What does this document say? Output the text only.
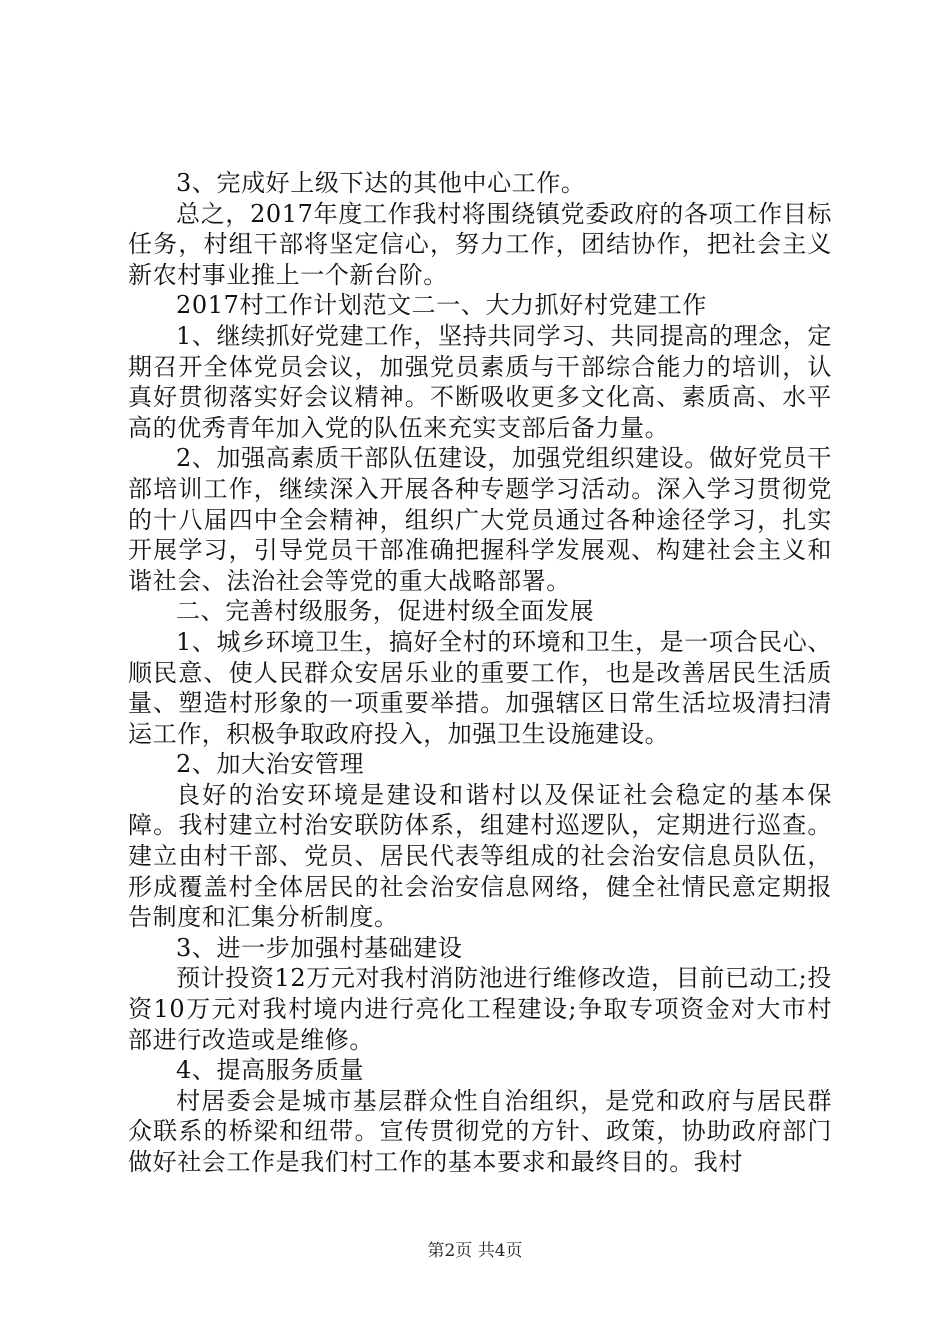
3、完成好上级下达的其他中心工作。

总之，2017年度工作我村将围绕镇党委政府的各项工作目标任务，村组干部将坚定信心，努力工作，团结协作，把社会主义新农村事业推上一个新台阶。

2017村工作计划范文二一、大力抓好村党建工作

1、继续抓好党建工作，坚持共同学习、共同提高的理念，定期召开全体党员会议，加强党员素质与干部综合能力的培训，认真好贯彻落实好会议精神。不断吸收更多文化高、素质高、水平高的优秀青年加入党的队伍来充实支部后备力量。

2、加强高素质干部队伍建设，加强党组织建设。做好党员干部培训工作，继续深入开展各种专题学习活动。深入学习贯彻党的十八届四中全会精神，组织广大党员通过各种途径学习，扎实开展学习，引导党员干部准确把握科学发展观、构建社会主义和谐社会、法治社会等党的重大战略部署。

二、完善村级服务，促进村级全面发展

1、城乡环境卫生，搞好全村的环境和卫生，是一项合民心、顺民意、使人民群众安居乐业的重要工作，也是改善居民生活质量、塑造村形象的一项重要举措。加强辖区日常生活垃圾清扫清运工作，积极争取政府投入，加强卫生设施建设。

2、加大治安管理

良好的治安环境是建设和谐村以及保证社会稳定的基本保障。我村建立村治安联防体系，组建村巡逻队，定期进行巡查。建立由村干部、党员、居民代表等组成的社会治安信息员队伍，形成覆盖村全体居民的社会治安信息网络，健全社情民意定期报告制度和汇集分析制度。

3、进一步加强村基础建设

预计投资12万元对我村消防池进行维修改造，目前已动工;投资10万元对我村境内进行亮化工程建设;争取专项资金对大市村部进行改造或是维修。

4、提高服务质量

村居委会是城市基层群众性自治组织，是党和政府与居民群众联系的桥梁和纽带。宣传贯彻党的方针、政策，协助政府部门做好社会工作是我们村工作的基本要求和最终目的。我村

第2页 共4页
